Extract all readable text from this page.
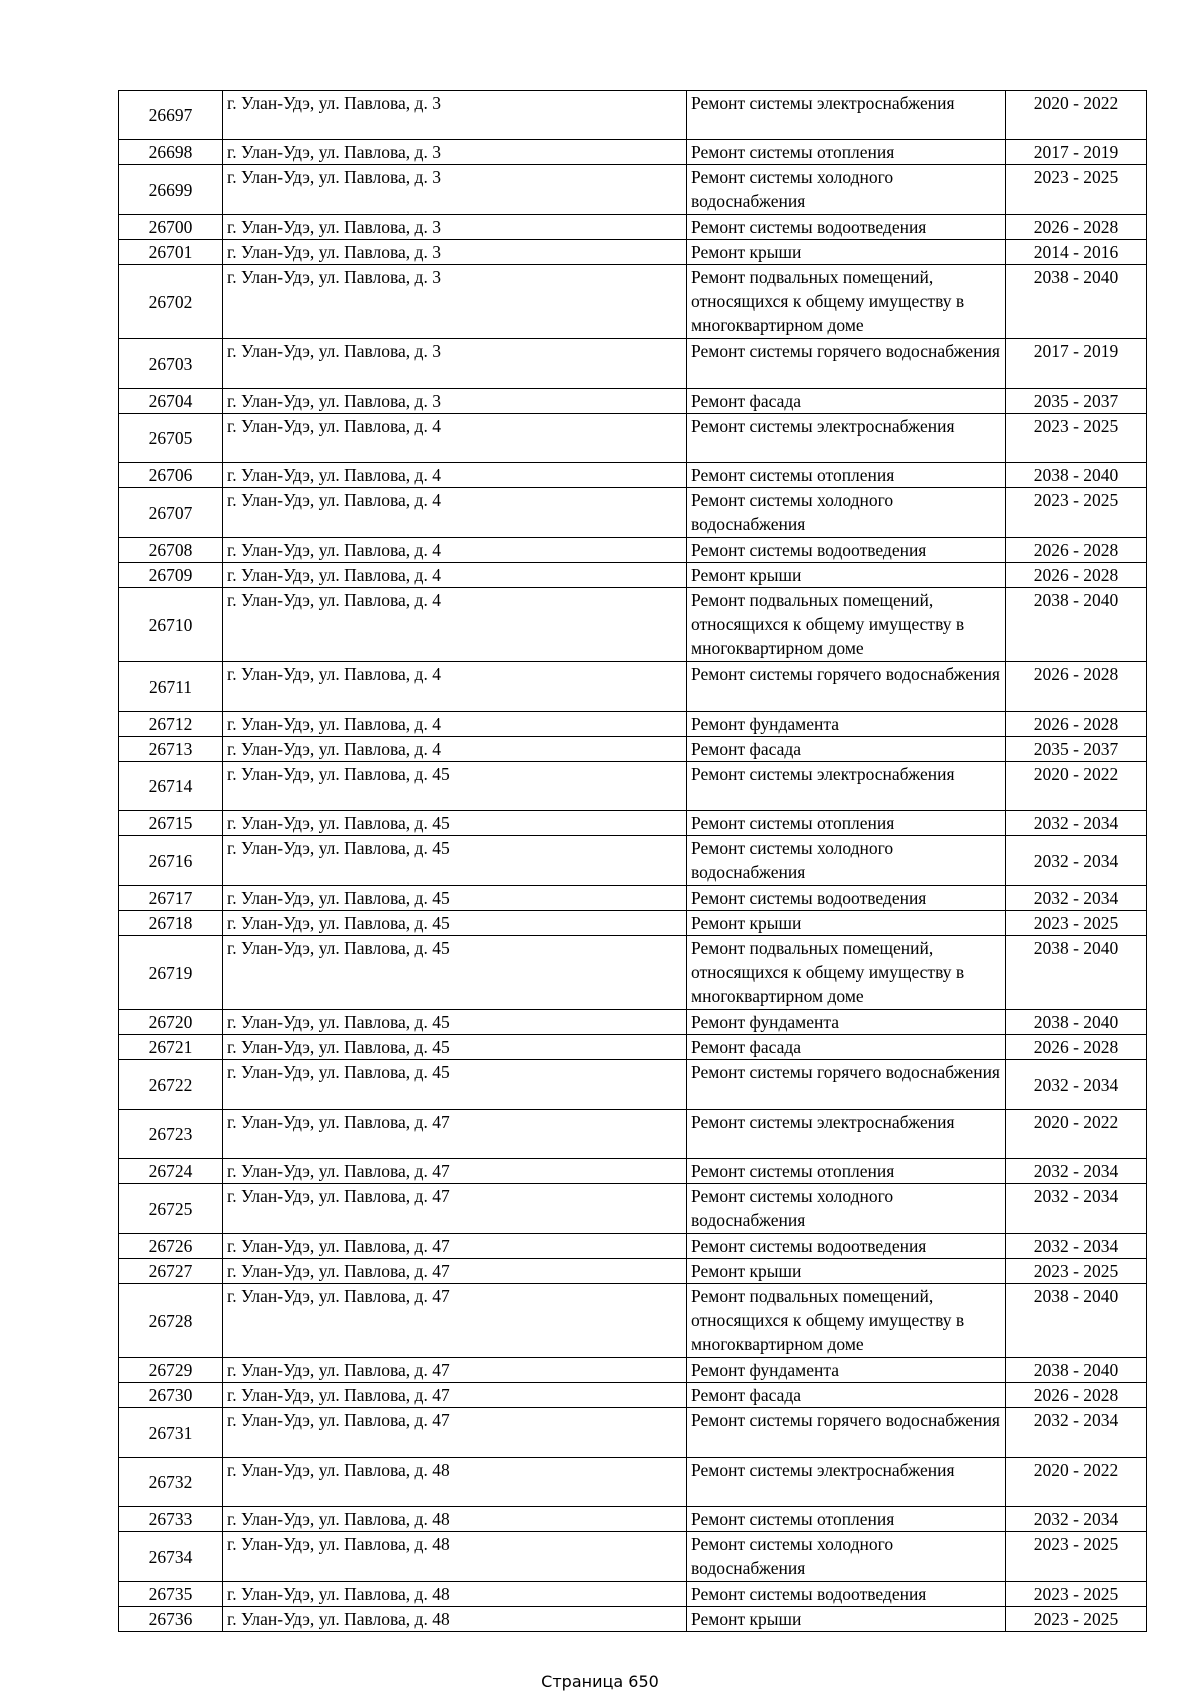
26697	г. Улан-Удэ, ул. Павлова, д. 3	Ремонт системы электроснабжения	2020 - 2022
26698	г. Улан-Удэ, ул. Павлова, д. 3	Ремонт системы отопления	2017 - 2019
26699	г. Улан-Удэ, ул. Павлова, д. 3	Ремонт системы холодного водоснабжения	2023 - 2025
26700	г. Улан-Удэ, ул. Павлова, д. 3	Ремонт системы водоотведения	2026 - 2028
26701	г. Улан-Удэ, ул. Павлова, д. 3	Ремонт крыши	2014 - 2016
26702	г. Улан-Удэ, ул. Павлова, д. 3	Ремонт подвальных помещений, относящихся к общему имуществу в многоквартирном доме	2038 - 2040
26703	г. Улан-Удэ, ул. Павлова, д. 3	Ремонт системы горячего водоснабжения	2017 - 2019
26704	г. Улан-Удэ, ул. Павлова, д. 3	Ремонт фасада	2035 - 2037
26705	г. Улан-Удэ, ул. Павлова, д. 4	Ремонт системы электроснабжения	2023 - 2025
26706	г. Улан-Удэ, ул. Павлова, д. 4	Ремонт системы отопления	2038 - 2040
26707	г. Улан-Удэ, ул. Павлова, д. 4	Ремонт системы холодного водоснабжения	2023 - 2025
26708	г. Улан-Удэ, ул. Павлова, д. 4	Ремонт системы водоотведения	2026 - 2028
26709	г. Улан-Удэ, ул. Павлова, д. 4	Ремонт крыши	2026 - 2028
26710	г. Улан-Удэ, ул. Павлова, д. 4	Ремонт подвальных помещений, относящихся к общему имуществу в многоквартирном доме	2038 - 2040
26711	г. Улан-Удэ, ул. Павлова, д. 4	Ремонт системы горячего водоснабжения	2026 - 2028
26712	г. Улан-Удэ, ул. Павлова, д. 4	Ремонт фундамента	2026 - 2028
26713	г. Улан-Удэ, ул. Павлова, д. 4	Ремонт фасада	2035 - 2037
26714	г. Улан-Удэ, ул. Павлова, д. 45	Ремонт системы электроснабжения	2020 - 2022
26715	г. Улан-Удэ, ул. Павлова, д. 45	Ремонт системы отопления	2032 - 2034
26716	г. Улан-Удэ, ул. Павлова, д. 45	Ремонт системы холодного водоснабжения	2032 - 2034
26717	г. Улан-Удэ, ул. Павлова, д. 45	Ремонт системы водоотведения	2032 - 2034
26718	г. Улан-Удэ, ул. Павлова, д. 45	Ремонт крыши	2023 - 2025
26719	г. Улан-Удэ, ул. Павлова, д. 45	Ремонт подвальных помещений, относящихся к общему имуществу в многоквартирном доме	2038 - 2040
26720	г. Улан-Удэ, ул. Павлова, д. 45	Ремонт фундамента	2038 - 2040
26721	г. Улан-Удэ, ул. Павлова, д. 45	Ремонт фасада	2026 - 2028
26722	г. Улан-Удэ, ул. Павлова, д. 45	Ремонт системы горячего водоснабжения	2032 - 2034
26723	г. Улан-Удэ, ул. Павлова, д. 47	Ремонт системы электроснабжения	2020 - 2022
26724	г. Улан-Удэ, ул. Павлова, д. 47	Ремонт системы отопления	2032 - 2034
26725	г. Улан-Удэ, ул. Павлова, д. 47	Ремонт системы холодного водоснабжения	2032 - 2034
26726	г. Улан-Удэ, ул. Павлова, д. 47	Ремонт системы водоотведения	2032 - 2034
26727	г. Улан-Удэ, ул. Павлова, д. 47	Ремонт крыши	2023 - 2025
26728	г. Улан-Удэ, ул. Павлова, д. 47	Ремонт подвальных помещений, относящихся к общему имуществу в многоквартирном доме	2038 - 2040
26729	г. Улан-Удэ, ул. Павлова, д. 47	Ремонт фундамента	2038 - 2040
26730	г. Улан-Удэ, ул. Павлова, д. 47	Ремонт фасада	2026 - 2028
26731	г. Улан-Удэ, ул. Павлова, д. 47	Ремонт системы горячего водоснабжения	2032 - 2034
26732	г. Улан-Удэ, ул. Павлова, д. 48	Ремонт системы электроснабжения	2020 - 2022
26733	г. Улан-Удэ, ул. Павлова, д. 48	Ремонт системы отопления	2032 - 2034
26734	г. Улан-Удэ, ул. Павлова, д. 48	Ремонт системы холодного водоснабжения	2023 - 2025
26735	г. Улан-Удэ, ул. Павлова, д. 48	Ремонт системы водоотведения	2023 - 2025
26736	г. Улан-Удэ, ул. Павлова, д. 48	Ремонт крыши	2023 - 2025
Страница 650
